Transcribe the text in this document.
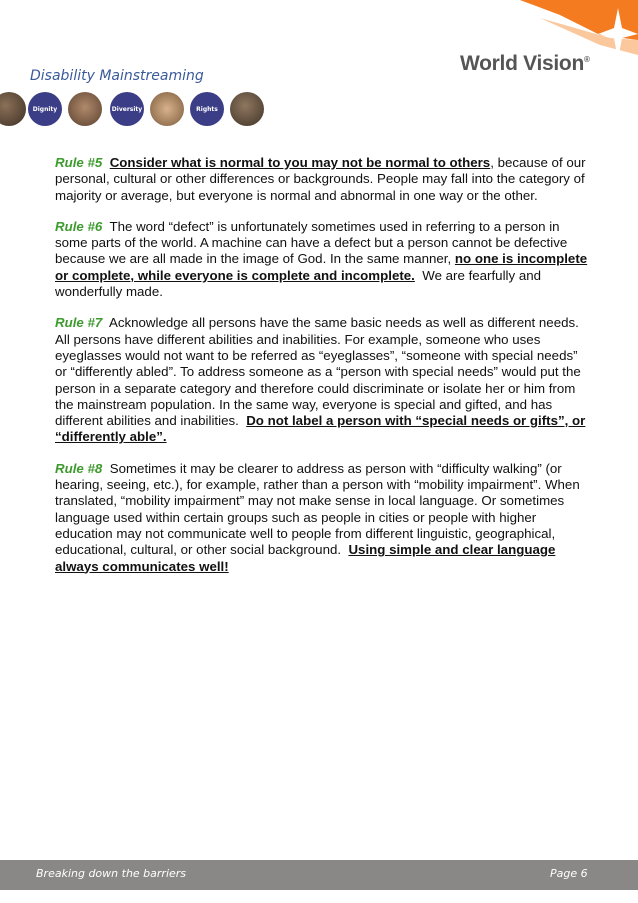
World Vision®
Disability Mainstreaming
Dignity	Diversity	Rights

Rule #5 Consider what is normal to you may not be normal to others, because of our personal, cultural or other differences or backgrounds. People may fall into the category of majority or average, but everyone is normal and abnormal in one way or the other.

Rule #6 The word “defect” is unfortunately sometimes used in referring to a person in some parts of the world. A machine can have a defect but a person cannot be defective because we are all made in the image of God. In the same manner, no one is incomplete or complete, while everyone is complete and incomplete. We are fearfully and wonderfully made.

Rule #7 Acknowledge all persons have the same basic needs as well as different needs. All persons have different abilities and inabilities. For example, someone who uses eyeglasses would not want to be referred as “eyeglasses”, “someone with special needs” or “differently abled”. To address someone as a “person with special needs” would put the person in a separate category and therefore could discriminate or isolate her or him from the mainstream population. In the same way, everyone is special and gifted, and has different abilities and inabilities. Do not label a person with “special needs or gifts”, or “differently able”.

Rule #8 Sometimes it may be clearer to address as person with “difficulty walking” (or hearing, seeing, etc.), for example, rather than a person with “mobility impairment”. When translated, “mobility impairment” may not make sense in local language. Or sometimes language used within certain groups such as people in cities or people with higher education may not communicate well to people from different linguistic, geographical, educational, cultural, or other social background. Using simple and clear language always communicates well!

Breaking down the barriers	Page 6
